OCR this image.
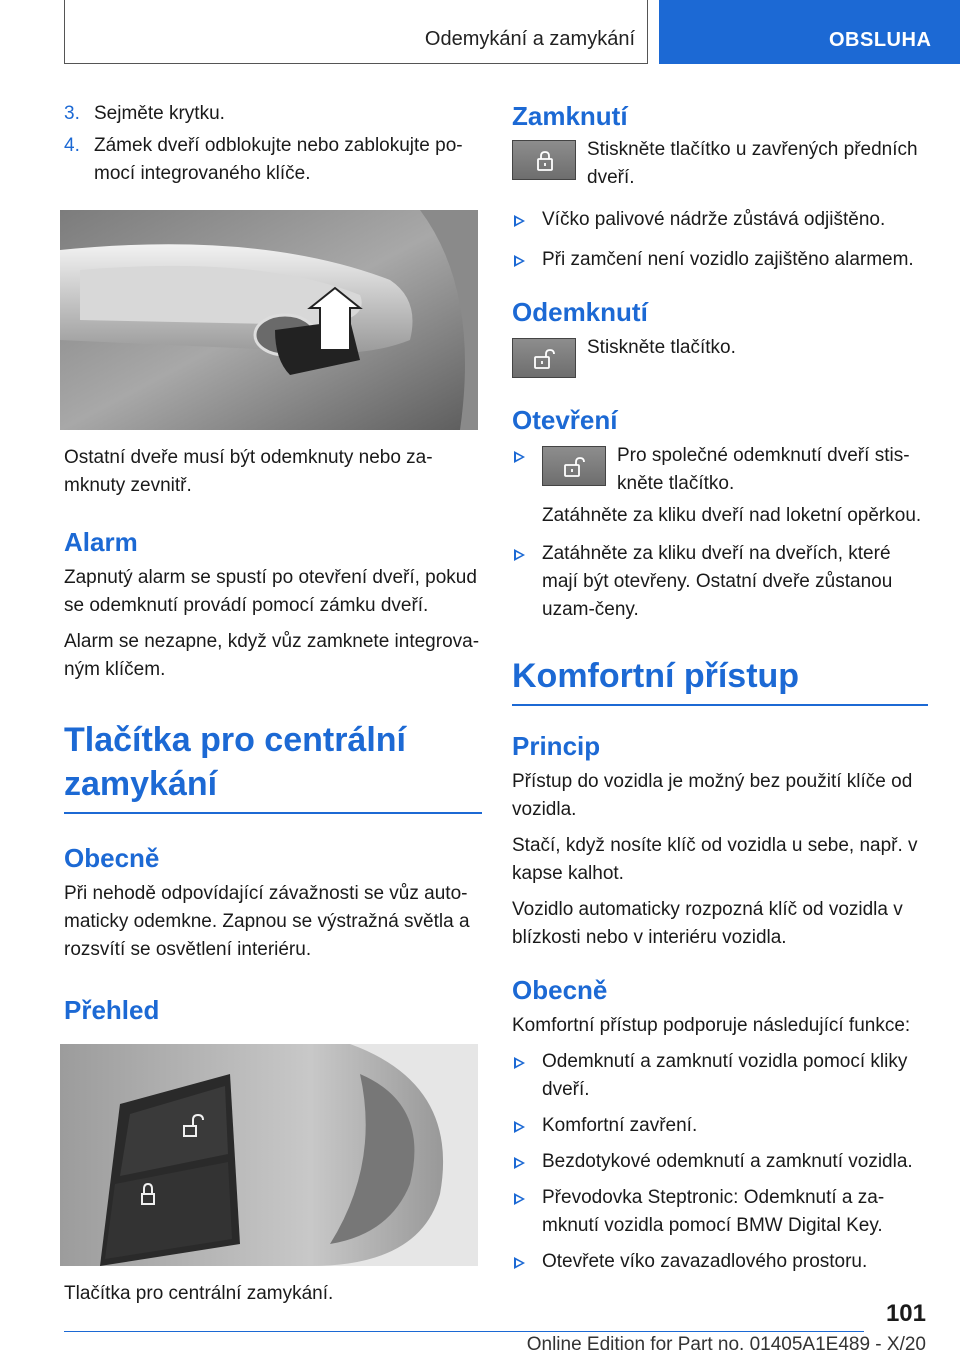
Odemykání a zamykání	OBSLUHA
3. Sejměte krytku.
4. Zámek dveří odblokujte nebo zablokujte po-mocí integrovaného klíče.

Ostatní dveře musí být odemknuty nebo za-mknuty zevnitř.

Alarm

Zapnutý alarm se spustí po otevření dveří, pokud se odemknutí provádí pomocí zámku dveří.

Alarm se nezapne, když vůz zamknete integrova-ným klíčem.

Tlačítka pro centrální zamykání
Obecně

Při nehodě odpovídající závažnosti se vůz auto-maticky odemkne. Zapnou se výstražná světla a rozsvítí se osvětlení interiéru.

Přehled

Tlačítka pro centrální zamykání.

Zamknutí
Stiskněte tlačítko u zavřených předních dveří.
Víčko palivové nádrže zůstává odjištěno.
Při zamčení není vozidlo zajištěno alarmem.
Odemknutí
Stiskněte tlačítko.
Otevření
Pro společné odemknutí dveří stis-kněte tlačítko.

Zatáhněte za kliku dveří nad loketní opěrkou.

Zatáhněte za kliku dveří na dveřích, které mají být otevřeny. Ostatní dveře zůstanou uzam-čeny.
Komfortní přístup
Princip

Přístup do vozidla je možný bez použití klíče od vozidla.

Stačí, když nosíte klíč od vozidla u sebe, např. v kapse kalhot.

Vozidlo automaticky rozpozná klíč od vozidla v blízkosti nebo v interiéru vozidla.

Obecně

Komfortní přístup podporuje následující funkce:

Odemknutí a zamknutí vozidla pomocí kliky dveří.
Komfortní zavření.
Bezdotykové odemknutí a zamknutí vozidla.
Převodovka Steptronic: Odemknutí a za-mknutí vozidla pomocí BMW Digital Key.
Otevřete víko zavazadlového prostoru.
101
Online Edition for Part no. 01405A1E489 - X/20
